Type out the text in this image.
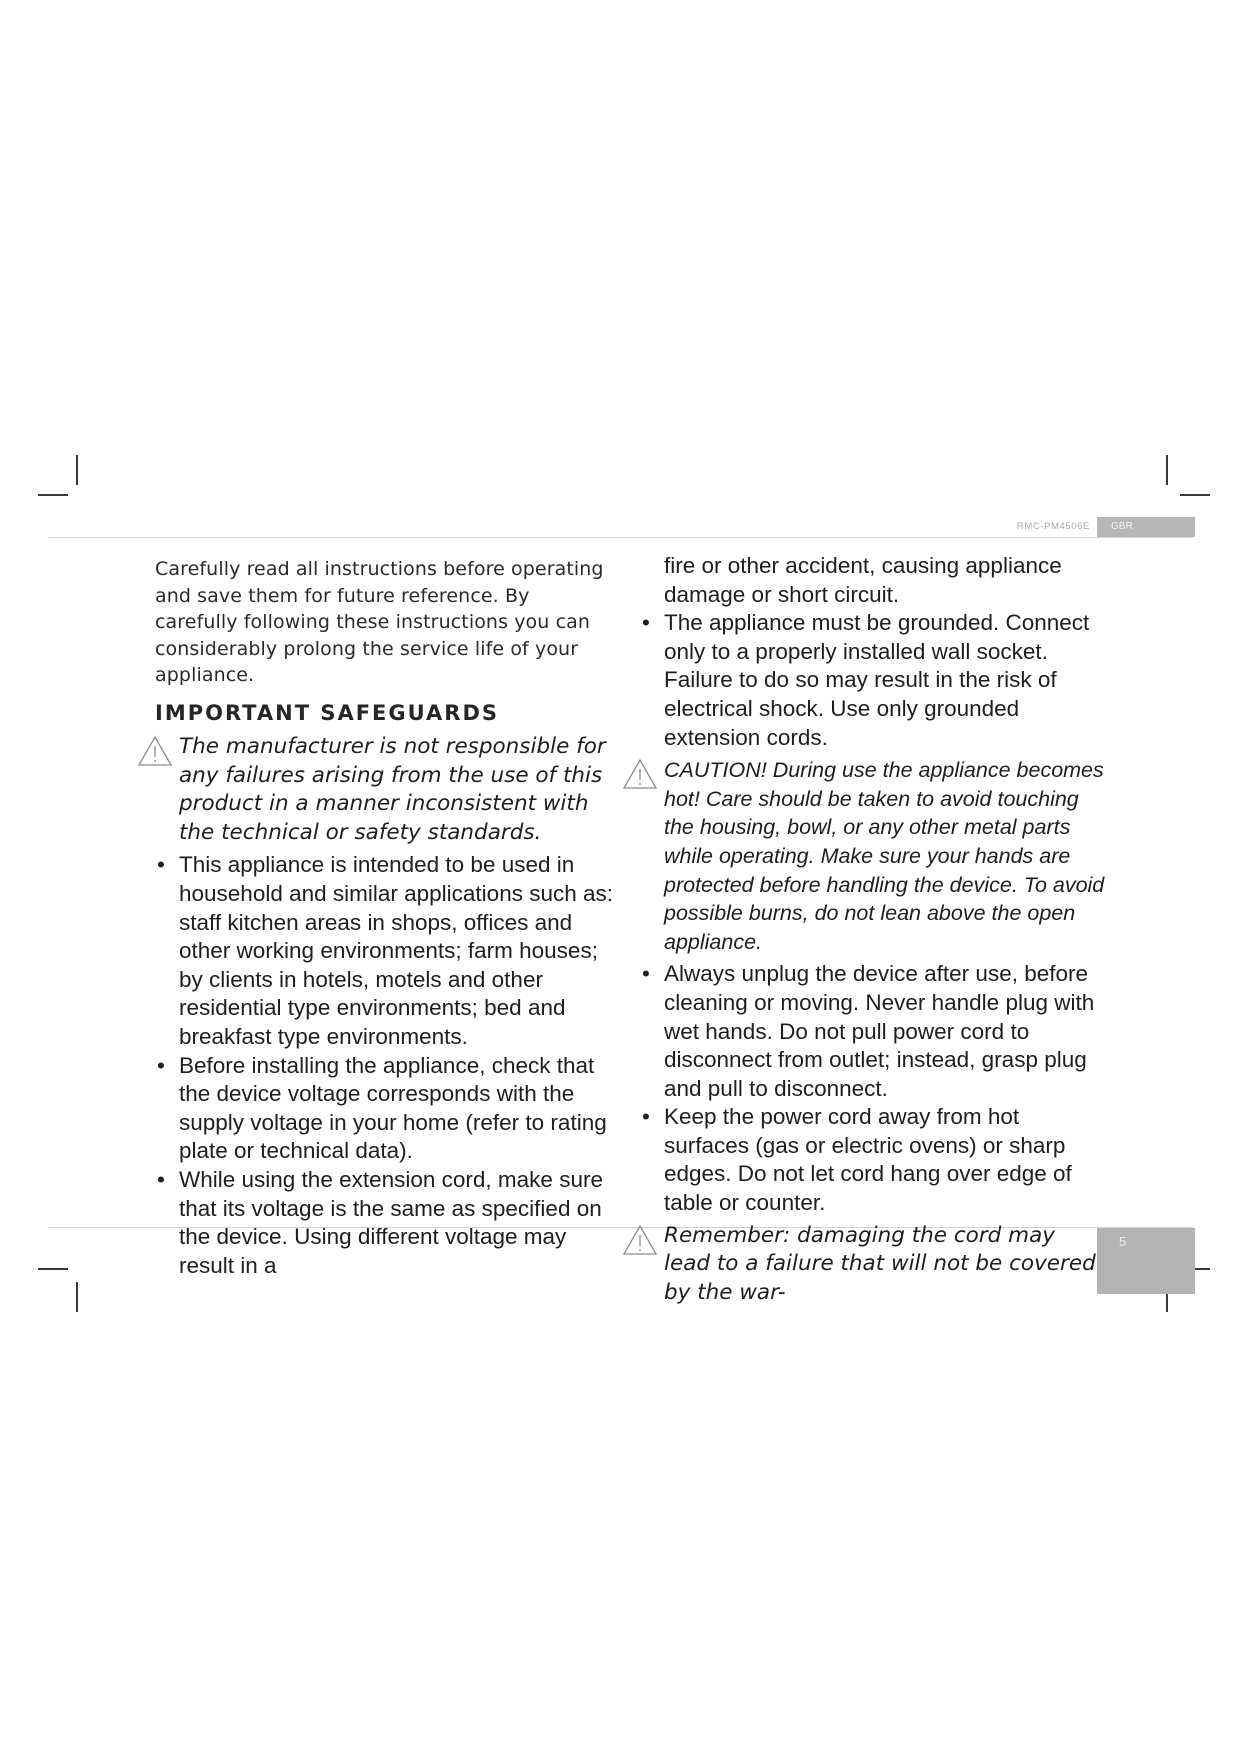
RMC-PM4506E	GBR
5

Carefully read all instructions before operating and save them for future reference. By carefully following these instructions you can considerably prolong the service life of your appliance.

IMPORTANT SAFEGUARDS

The manufacturer is not responsible for any failures arising from the use of this product in a manner inconsistent with the technical or safety standards.

• This appliance is intended to be used in household and similar applications such as: staff kitchen areas in shops, offices and other working environments; farm houses; by clients in hotels, motels and other residential type environments; bed and breakfast type environments.

• Before installing the appliance, check that the device voltage corresponds with the supply voltage in your home (refer to rating plate or technical data).

• While using the extension cord, make sure that its voltage is the same as specified on the device. Using different voltage may result in a

fire or other accident, causing appliance damage or short circuit.

• The appliance must be grounded. Connect only to a properly installed wall socket. Failure to do so may result in the risk of electrical shock. Use only grounded extension cords.

CAUTION! During use the appliance becomes hot! Care should be taken to avoid touching the housing, bowl, or any other metal parts while operating. Make sure your hands are protected before handling the device. To avoid possible burns, do not lean above the open appliance.

• Always unplug the device after use, before cleaning or moving. Never handle plug with wet hands. Do not pull power cord to disconnect from outlet; instead, grasp plug and pull to disconnect.

• Keep the power cord away from hot surfaces (gas or electric ovens) or sharp edges. Do not let cord hang over edge of table or counter.

Remember: damaging the cord may lead to a failure that will not be covered by the war-
